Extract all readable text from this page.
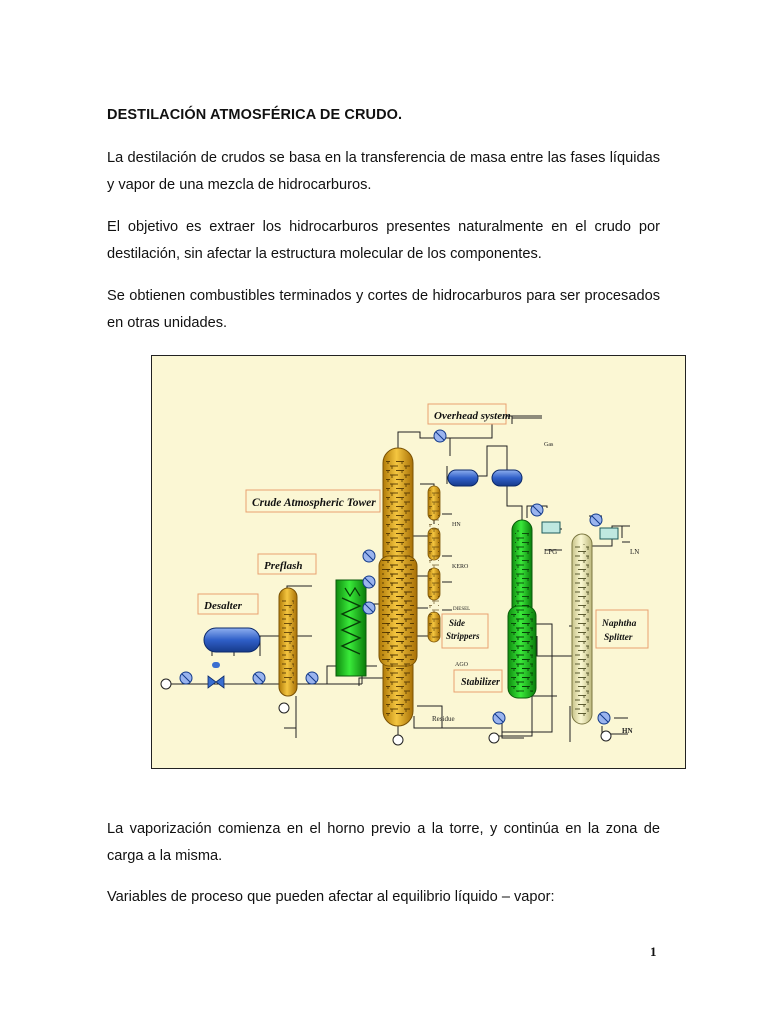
DESTILACIÓN ATMOSFÉRICA DE CRUDO.

La destilación de crudos se basa en la transferencia de masa entre las fases líquidas y vapor de una mezcla de hidrocarburos.

El objetivo es extraer los hidrocarburos presentes naturalmente en el crudo por destilación, sin afectar la estructura molecular de los componentes.

Se obtienen combustibles terminados y cortes de hidrocarburos para ser procesados en otras unidades.

Overhead system
Crude Atmospheric Tower
Preflash
Desalter
Side
Strippers
Stabilizer
Naphtha
Splitter
Gas
HN
KERO
DIESEL
AGO
Residue
LPG	LN
HN

La vaporización comienza en el horno previo a la torre, y continúa en la zona de carga a la misma.

Variables de proceso que pueden afectar al equilibrio líquido – vapor:

1
